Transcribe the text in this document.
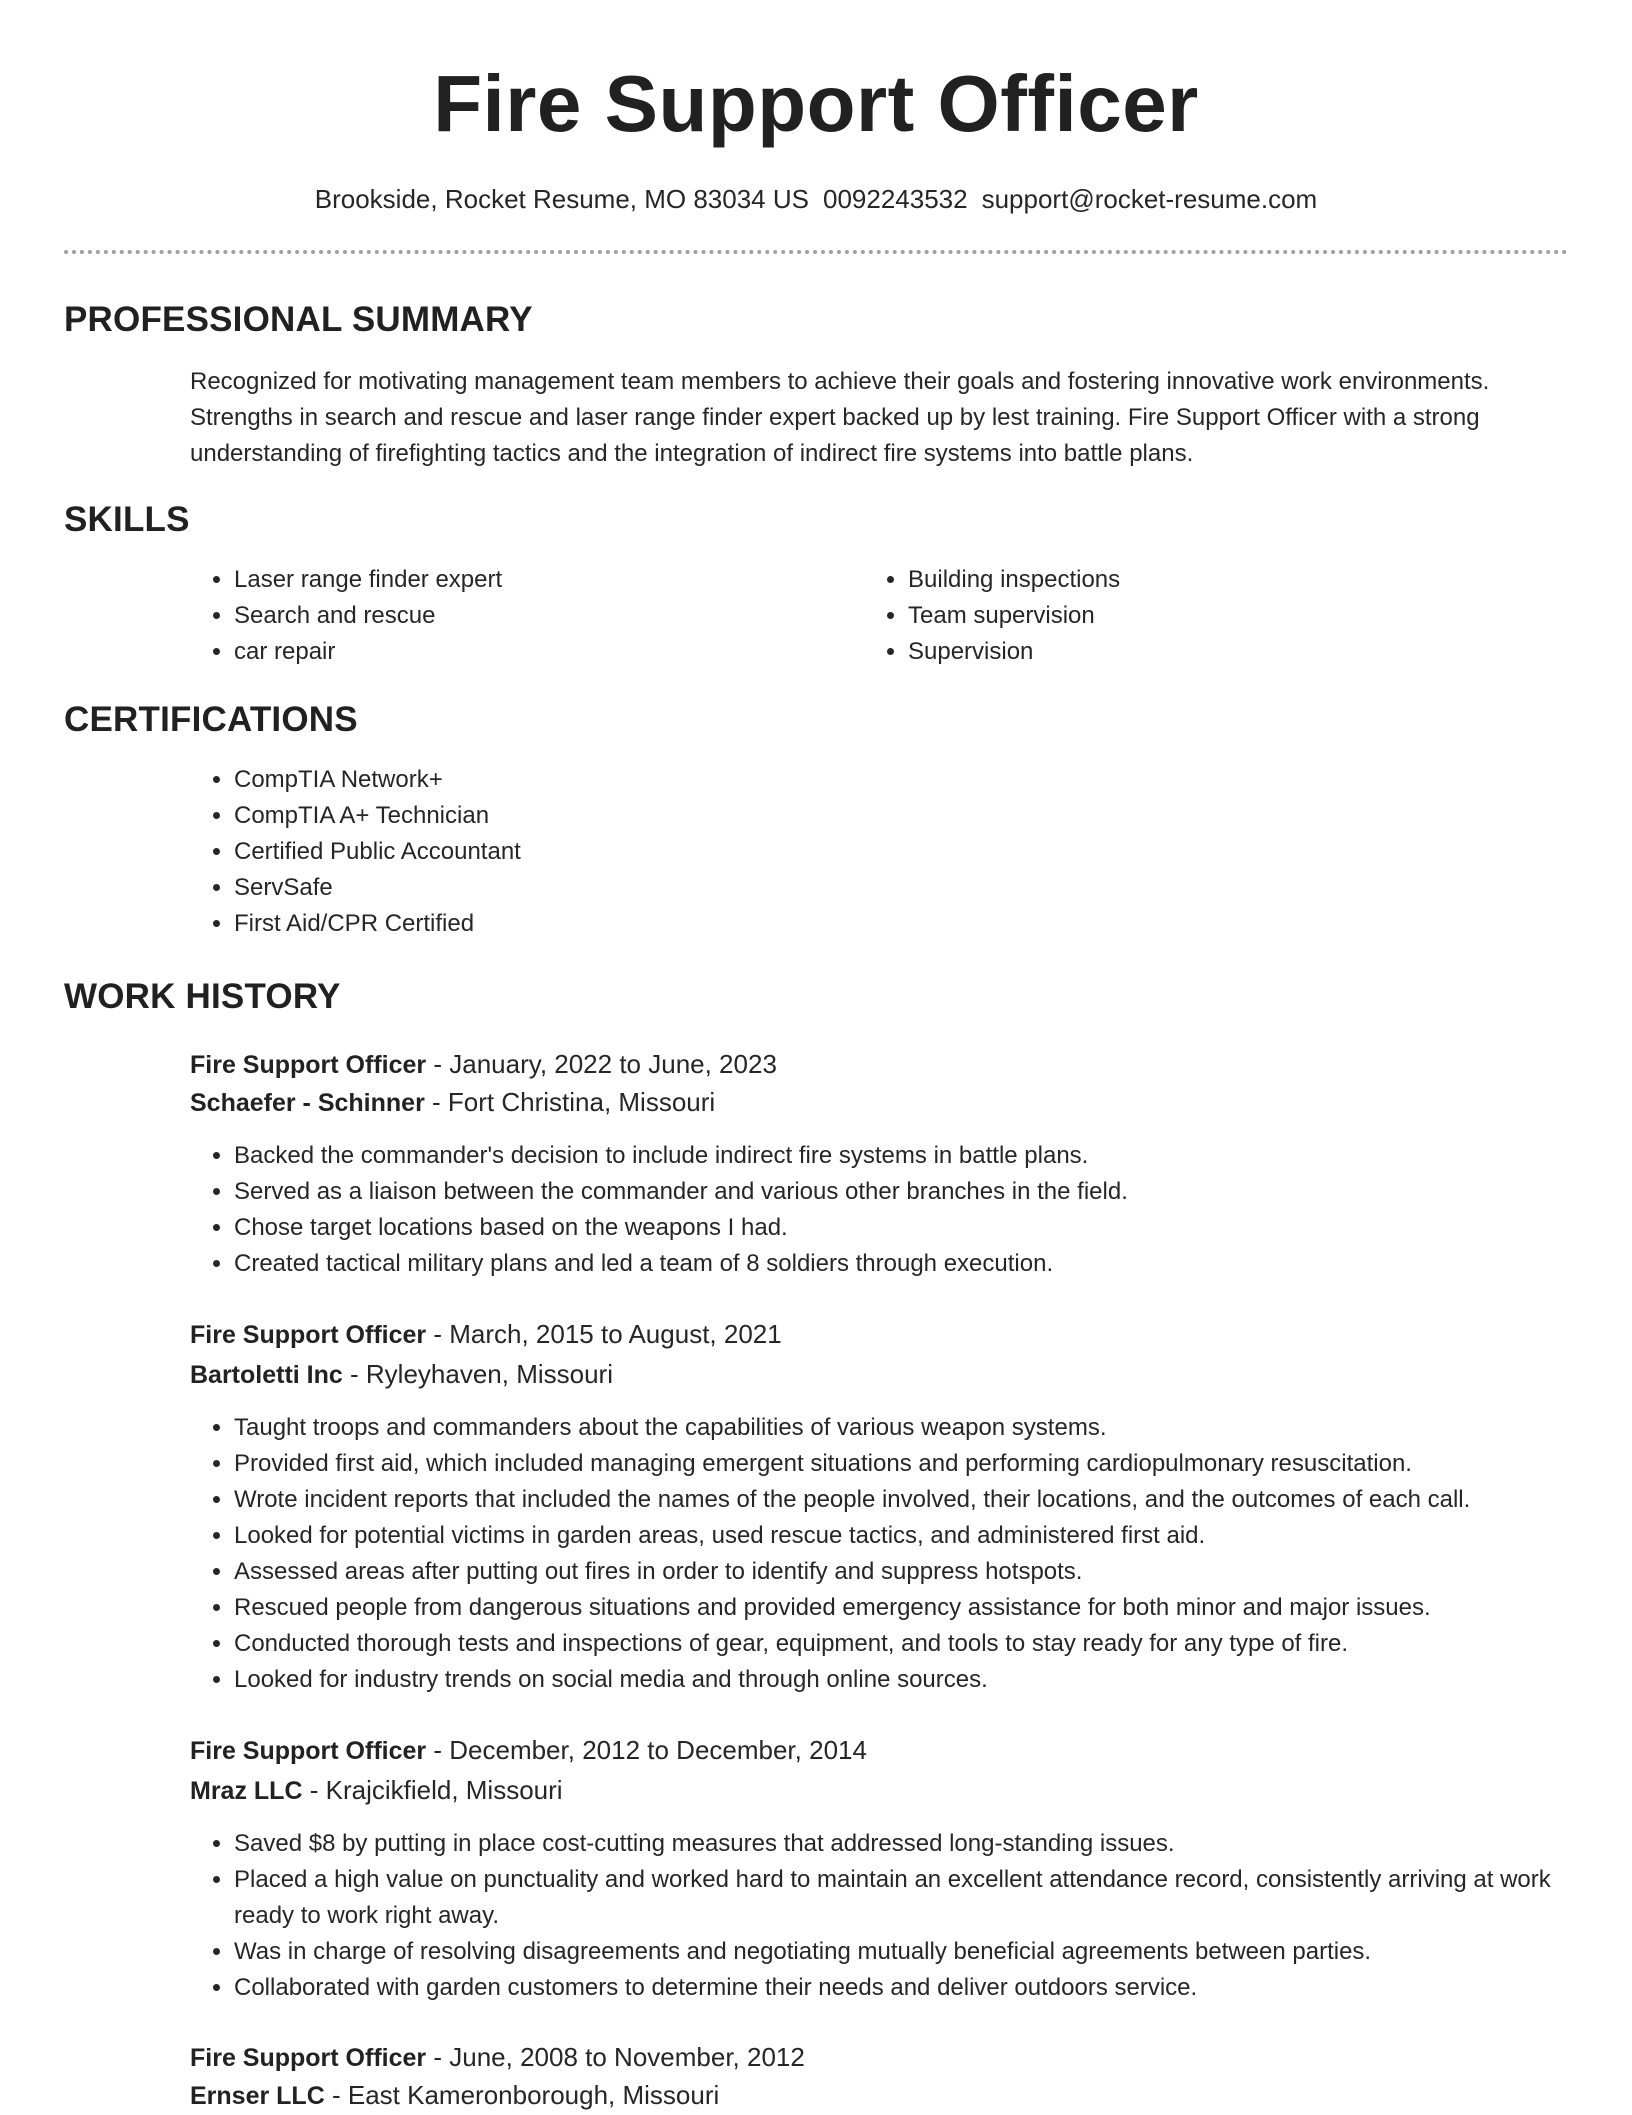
Fire Support Officer
Brookside, Rocket Resume, MO 83034 US 0092243532 support@rocket-resume.com
PROFESSIONAL SUMMARY

Recognized for motivating management team members to achieve their goals and fostering innovative work environments. Strengths in search and rescue and laser range finder expert backed up by lest training. Fire Support Officer with a strong understanding of firefighting tactics and the integration of indirect fire systems into battle plans.

SKILLS
• Laser range finder expert
• Search and rescue
• car repair
• Building inspections
• Team supervision
• Supervision
CERTIFICATIONS
• CompTIA Network+
• CompTIA A+ Technician
• Certified Public Accountant
• ServSafe
• First Aid/CPR Certified
WORK HISTORY
Fire Support Officer - January, 2022 to June, 2023
Schaefer - Schinner - Fort Christina, Missouri
• Backed the commander's decision to include indirect fire systems in battle plans.
• Served as a liaison between the commander and various other branches in the field.
• Chose target locations based on the weapons I had.
• Created tactical military plans and led a team of 8 soldiers through execution.
Fire Support Officer - March, 2015 to August, 2021
Bartoletti Inc - Ryleyhaven, Missouri
• Taught troops and commanders about the capabilities of various weapon systems.
• Provided first aid, which included managing emergent situations and performing cardiopulmonary resuscitation.
• Wrote incident reports that included the names of the people involved, their locations, and the outcomes of each call.
• Looked for potential victims in garden areas, used rescue tactics, and administered first aid.
• Assessed areas after putting out fires in order to identify and suppress hotspots.
• Rescued people from dangerous situations and provided emergency assistance for both minor and major issues.
• Conducted thorough tests and inspections of gear, equipment, and tools to stay ready for any type of fire.
• Looked for industry trends on social media and through online sources.
Fire Support Officer - December, 2012 to December, 2014
Mraz LLC - Krajcikfield, Missouri
• Saved $8 by putting in place cost-cutting measures that addressed long-standing issues.
• Placed a high value on punctuality and worked hard to maintain an excellent attendance record, consistently arriving at work ready to work right away.
• Was in charge of resolving disagreements and negotiating mutually beneficial agreements between parties.
• Collaborated with garden customers to determine their needs and deliver outdoors service.
Fire Support Officer - June, 2008 to November, 2012
Ernser LLC - East Kameronborough, Missouri
